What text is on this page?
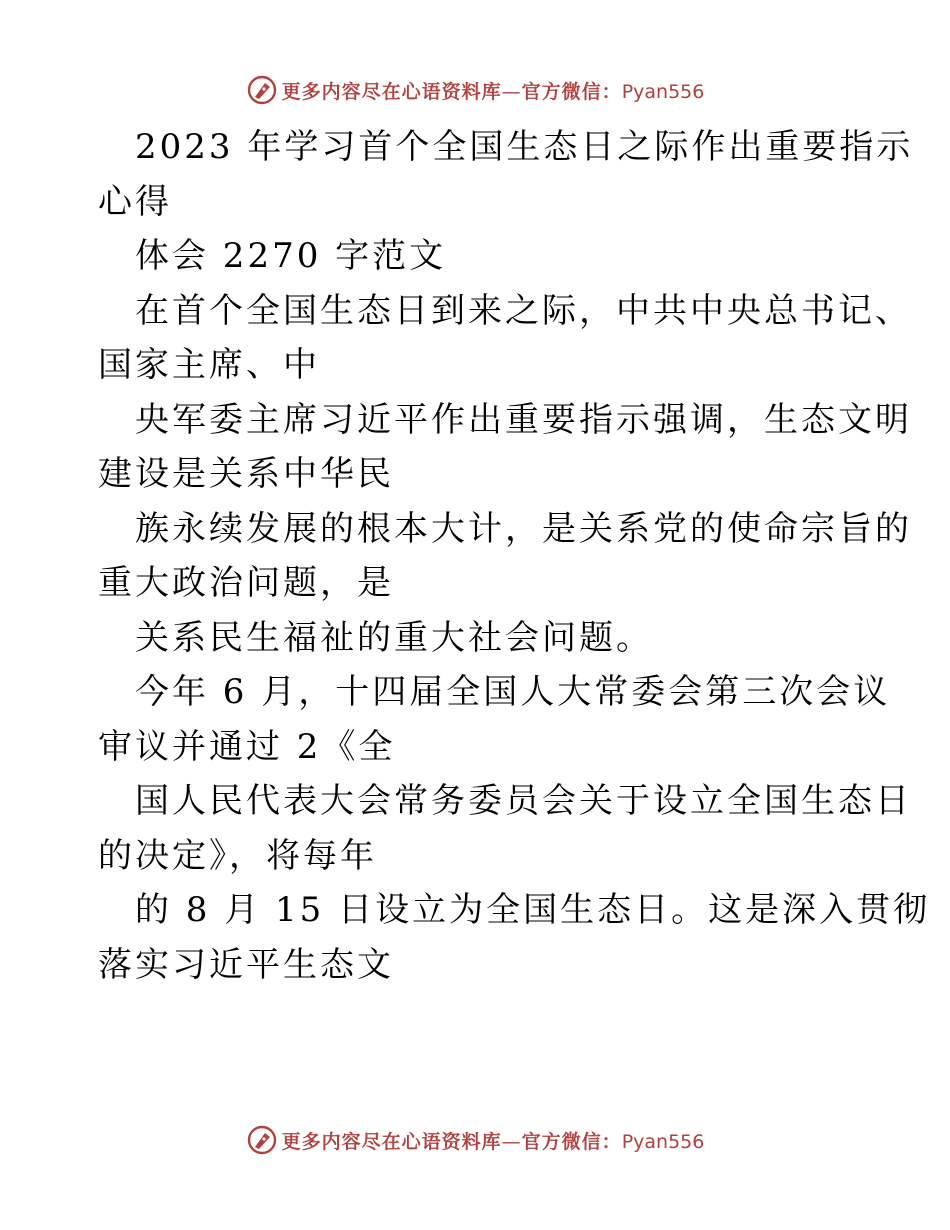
更多内容尽在心语资料库—官方微信：Pyan556
2023 年学习首个全国生态日之际作出重要指示
心得
体会 2270 字范文
在首个全国生态日到来之际，中共中央总书记、
国家主席、中
央军委主席习近平作出重要指示强调，生态文明
建设是关系中华民
族永续发展的根本大计，是关系党的使命宗旨的
重大政治问题，是
关系民生福祉的重大社会问题。
今年 6 月，十四届全国人大常委会第三次会议
审议并通过 2《全
国人民代表大会常务委员会关于设立全国生态日
的决定》，将每年
的 8 月 15 日设立为全国生态日。这是深入贯彻
落实习近平生态文
更多内容尽在心语资料库—官方微信：Pyan556
